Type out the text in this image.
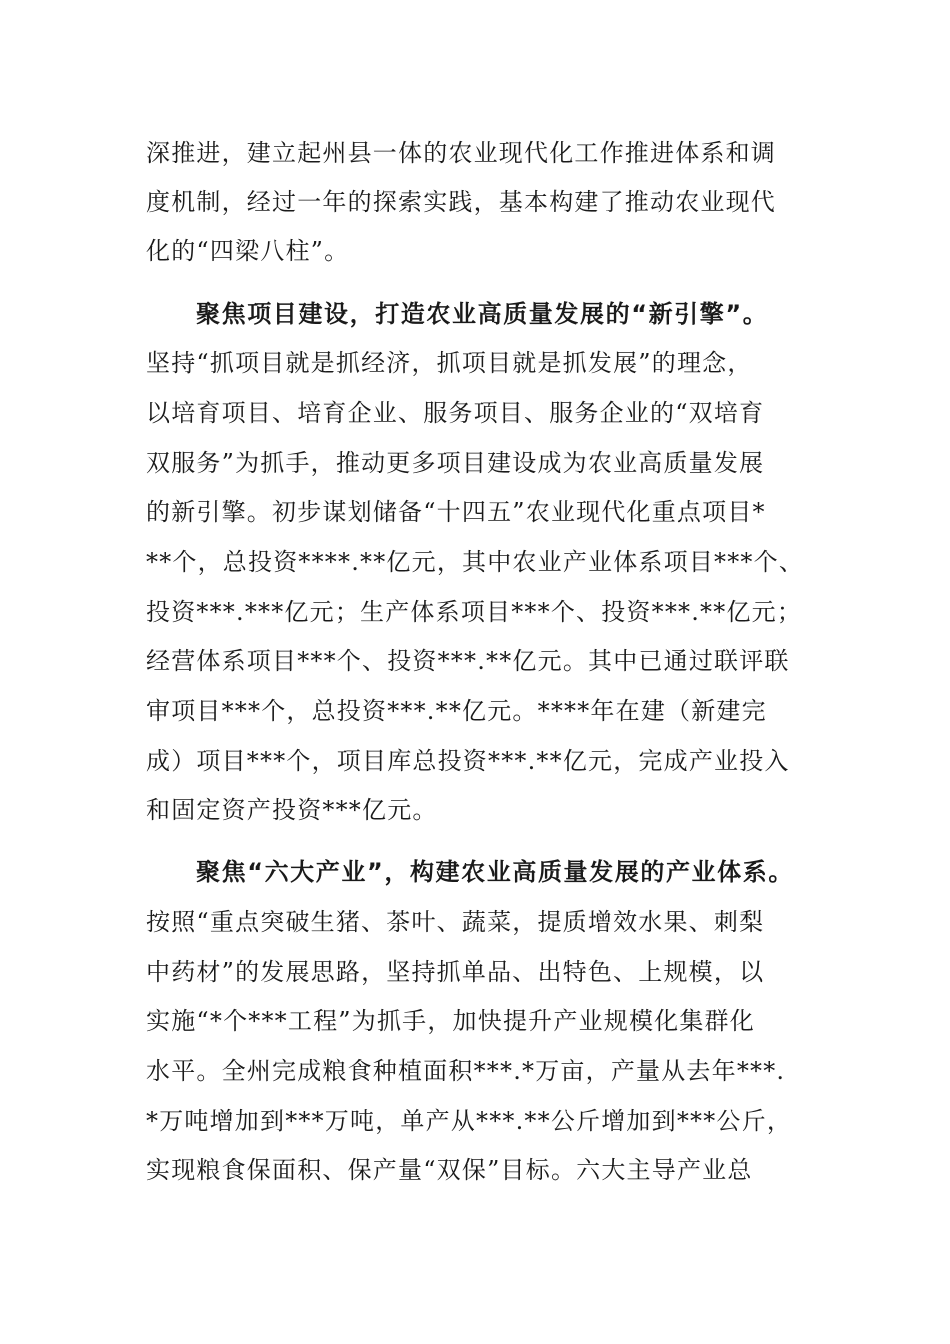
深推进，建立起州县一体的农业现代化工作推进体系和调

度机制，经过一年的探索实践，基本构建了推动农业现代

化的“四梁八柱”。

聚焦项目建设，打造农业高质量发展的“新引擎”。

坚持“抓项目就是抓经济，抓项目就是抓发展”的理念，

以培育项目、培育企业、服务项目、服务企业的“双培育

双服务”为抓手，推动更多项目建设成为农业高质量发展

的新引擎。初步谋划储备“十四五”农业现代化重点项目*

**个，总投资****.**亿元，其中农业产业体系项目***个、

投资***.***亿元；生产体系项目***个、投资***.**亿元；

经营体系项目***个、投资***.**亿元。其中已通过联评联

审项目***个，总投资***.**亿元。****年在建（新建完

成）项目***个，项目库总投资***.**亿元，完成产业投入

和固定资产投资***亿元。

聚焦“六大产业”，构建农业高质量发展的产业体系。

按照“重点突破生猪、茶叶、蔬菜，提质增效水果、刺梨

中药材”的发展思路，坚持抓单品、出特色、上规模，以

实施“*个***工程”为抓手，加快提升产业规模化集群化

水平。全州完成粮食种植面积***.*万亩，产量从去年***.

*万吨增加到***万吨，单产从***.**公斤增加到***公斤，

实现粮食保面积、保产量“双保”目标。六大主导产业总
